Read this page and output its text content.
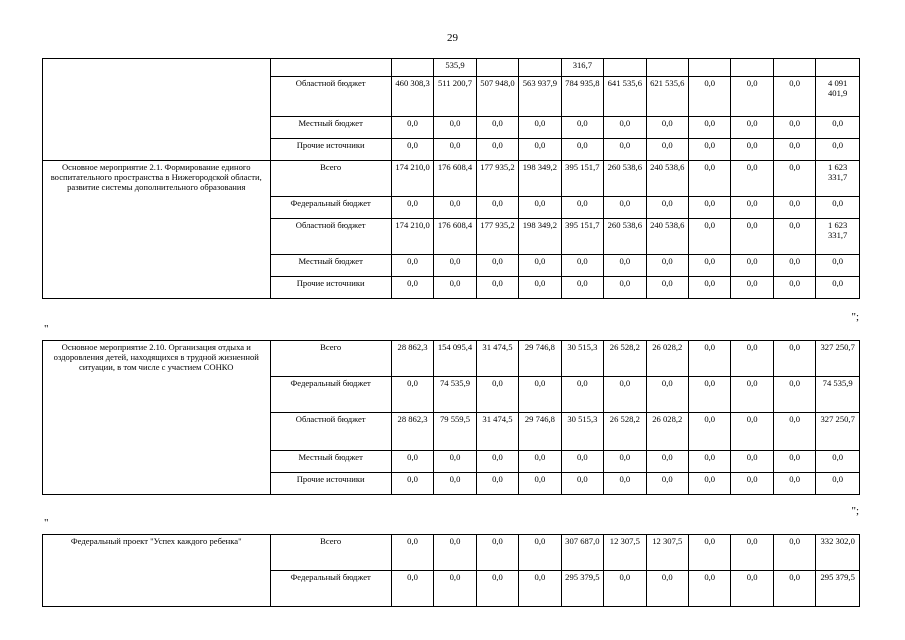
29
			535,9			316,7						
	Областной бюджет	460 308,3	511 200,7	507 948,0	563 937,9	784 935,8	641 535,6	621 535,6	0,0	0,0	0,0	4 091 401,9
	Местный бюджет	0,0	0,0	0,0	0,0	0,0	0,0	0,0	0,0	0,0	0,0	0,0
	Прочие источники	0,0	0,0	0,0	0,0	0,0	0,0	0,0	0,0	0,0	0,0	0,0
Основное мероприятие 2.1. Формирование единого воспитательного пространства в Нижегородской области, развитие системы дополнительного образования	Всего	174 210,0	176 608,4	177 935,2	198 349,2	395 151,7	260 538,6	240 538,6	0,0	0,0	0,0	1 623 331,7
	Федеральный бюджет	0,0	0,0	0,0	0,0	0,0	0,0	0,0	0,0	0,0	0,0	0,0
	Областной бюджет	174 210,0	176 608,4	177 935,2	198 349,2	395 151,7	260 538,6	240 538,6	0,0	0,0	0,0	1 623 331,7
	Местный бюджет	0,0	0,0	0,0	0,0	0,0	0,0	0,0	0,0	0,0	0,0	0,0
	Прочие источники	0,0	0,0	0,0	0,0	0,0	0,0	0,0	0,0	0,0	0,0	0,0
";
"
Основное мероприятие 2.10. Организация отдыха и оздоровления детей, находящихся в трудной жизненной ситуации, в том числе с участием СОНКО	Всего	28 862,3	154 095,4	31 474,5	29 746,8	30 515,3	26 528,2	26 028,2	0,0	0,0	0,0	327 250,7
	Федеральный бюджет	0,0	74 535,9	0,0	0,0	0,0	0,0	0,0	0,0	0,0	0,0	74 535,9
	Областной бюджет	28 862,3	79 559,5	31 474,5	29 746,8	30 515,3	26 528,2	26 028,2	0,0	0,0	0,0	327 250,7
	Местный бюджет	0,0	0,0	0,0	0,0	0,0	0,0	0,0	0,0	0,0	0,0	0,0
	Прочие источники	0,0	0,0	0,0	0,0	0,0	0,0	0,0	0,0	0,0	0,0	0,0
";
"
Федеральный проект "Успех каждого ребенка"	Всего	0,0	0,0	0,0	0,0	307 687,0	12 307,5	12 307,5	0,0	0,0	0,0	332 302,0
	Федеральный бюджет	0,0	0,0	0,0	0,0	295 379,5	0,0	0,0	0,0	0,0	0,0	295 379,5
